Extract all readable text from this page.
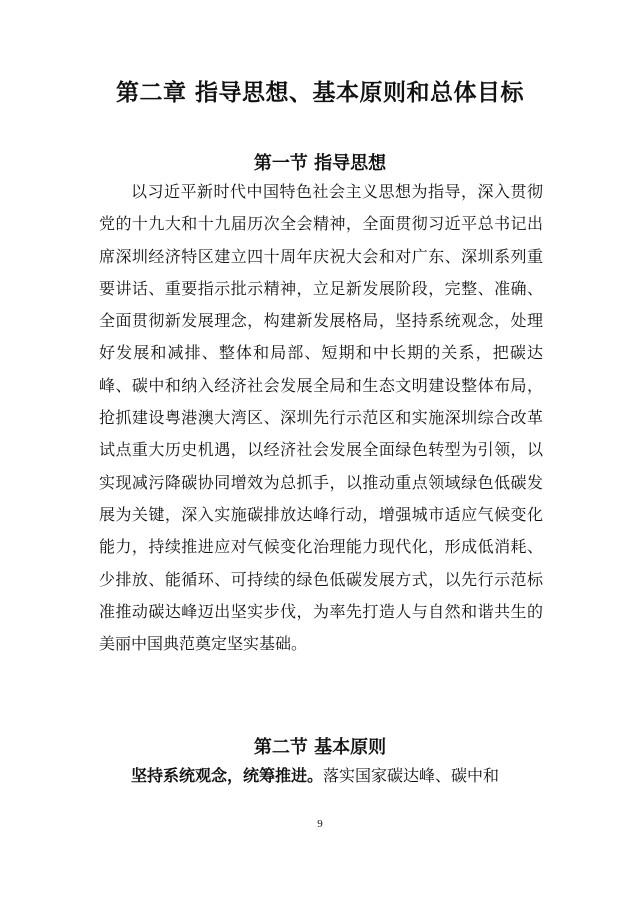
第二章 指导思想、基本原则和总体目标
第一节 指导思想

以习近平新时代中国特色社会主义思想为指导，深入贯彻党的十九大和十九届历次全会精神，全面贯彻习近平总书记出席深圳经济特区建立四十周年庆祝大会和对广东、深圳系列重要讲话、重要指示批示精神，立足新发展阶段，完整、准确、全面贯彻新发展理念，构建新发展格局，坚持系统观念，处理好发展和减排、整体和局部、短期和中长期的关系，把碳达峰、碳中和纳入经济社会发展全局和生态文明建设整体布局，抢抓建设粤港澳大湾区、深圳先行示范区和实施深圳综合改革试点重大历史机遇，以经济社会发展全面绿色转型为引领，以实现减污降碳协同增效为总抓手，以推动重点领域绿色低碳发展为关键，深入实施碳排放达峰行动，增强城市适应气候变化能力，持续推进应对气候变化治理能力现代化，形成低消耗、少排放、能循环、可持续的绿色低碳发展方式，以先行示范标准推动碳达峰迈出坚实步伐，为率先打造人与自然和谐共生的美丽中国典范奠定坚实基础。

第二节 基本原则

坚持系统观念，统筹推进。落实国家碳达峰、碳中和

9
